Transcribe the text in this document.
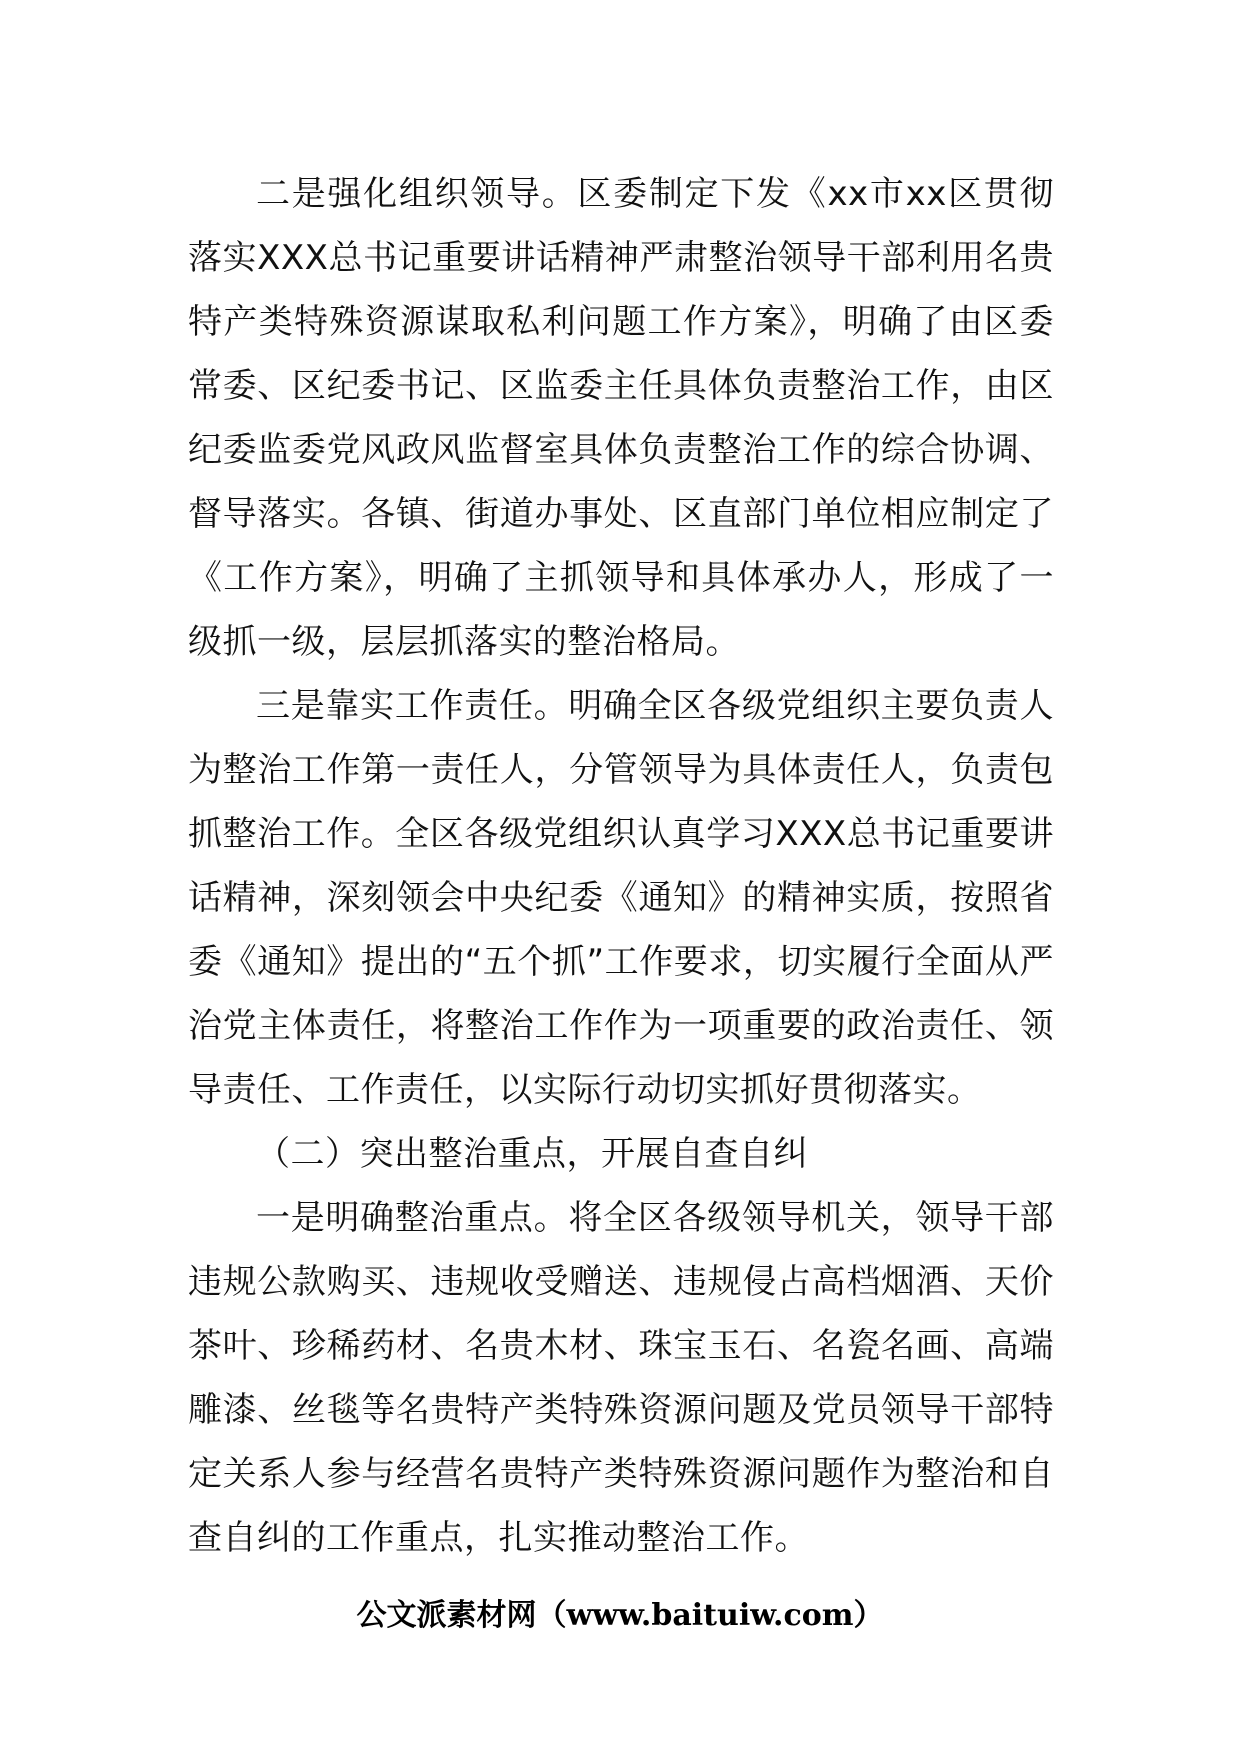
二是强化组织领导。区委制定下发《xx市xx区贯彻落实XXX总书记重要讲话精神严肃整治领导干部利用名贵特产类特殊资源谋取私利问题工作方案》，明确了由区委常委、区纪委书记、区监委主任具体负责整治工作，由区纪委监委党风政风监督室具体负责整治工作的综合协调、督导落实。各镇、街道办事处、区直部门单位相应制定了《工作方案》，明确了主抓领导和具体承办人，形成了一级抓一级，层层抓落实的整治格局。

三是靠实工作责任。明确全区各级党组织主要负责人为整治工作第一责任人，分管领导为具体责任人，负责包抓整治工作。全区各级党组织认真学习XXX总书记重要讲话精神，深刻领会中央纪委《通知》的精神实质，按照省委《通知》提出的“五个抓”工作要求，切实履行全面从严治党主体责任，将整治工作作为一项重要的政治责任、领导责任、工作责任，以实际行动切实抓好贯彻落实。

（二）突出整治重点，开展自查自纠

一是明确整治重点。将全区各级领导机关，领导干部违规公款购买、违规收受赠送、违规侵占高档烟酒、天价茶叶、珍稀药材、名贵木材、珠宝玉石、名瓷名画、高端雕漆、丝毯等名贵特产类特殊资源问题及党员领导干部特定关系人参与经营名贵特产类特殊资源问题作为整治和自查自纠的工作重点，扎实推动整治工作。

公文派素材网（www.baituiw.com）
